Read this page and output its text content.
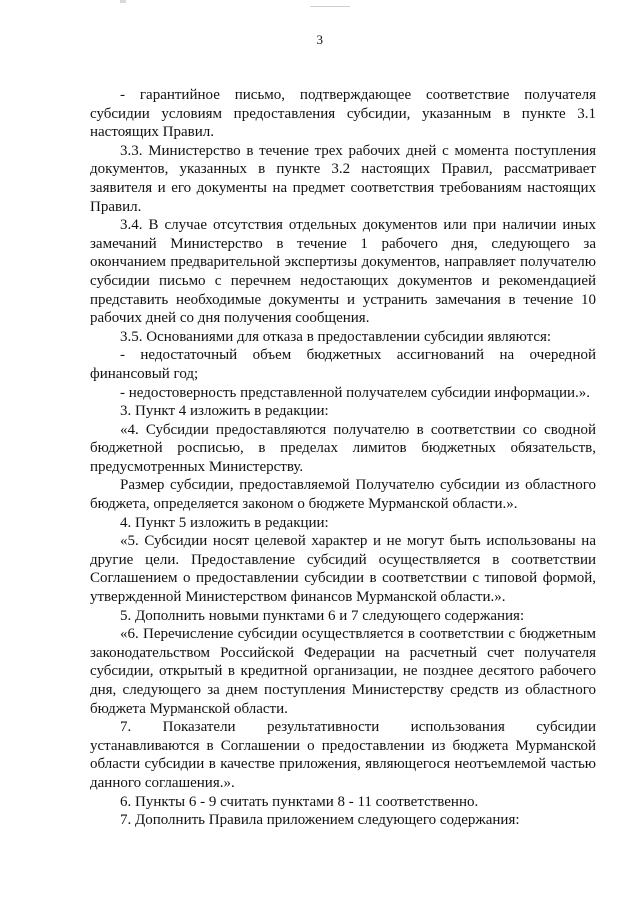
3

- гарантийное письмо, подтверждающее соответствие получателя субсидии условиям предоставления субсидии, указанным в пункте 3.1 настоящих Правил.

3.3. Министерство в течение трех рабочих дней с момента поступления документов, указанных в пункте 3.2 настоящих Правил, рассматривает заявителя и его документы на предмет соответствия требованиям настоящих Правил.

3.4. В случае отсутствия отдельных документов или при наличии иных замечаний Министерство в течение 1 рабочего дня, следующего за окончанием предварительной экспертизы документов, направляет получателю субсидии письмо с перечнем недостающих документов и рекомендацией представить необходимые документы и устранить замечания в течение 10 рабочих дней со дня получения сообщения.

3.5. Основаниями для отказа в предоставлении субсидии являются:

- недостаточный объем бюджетных ассигнований на очередной финансовый год;

- недостоверность представленной получателем субсидии информации.».

3. Пункт 4 изложить в редакции:

«4. Субсидии предоставляются получателю в соответствии со сводной бюджетной росписью, в пределах лимитов бюджетных обязательств, предусмотренных Министерству.

Размер субсидии, предоставляемой Получателю субсидии из областного бюджета, определяется законом о бюджете Мурманской области.».

4. Пункт 5 изложить в редакции:

«5. Субсидии носят целевой характер и не могут быть использованы на другие цели. Предоставление субсидий осуществляется в соответствии Соглашением о предоставлении субсидии в соответствии с типовой формой, утвержденной Министерством финансов Мурманской области.».

5. Дополнить новыми пунктами 6 и 7 следующего содержания:

«6. Перечисление субсидии осуществляется в соответствии с бюджетным законодательством Российской Федерации на расчетный счет получателя субсидии, открытый в кредитной организации, не позднее десятого рабочего дня, следующего за днем поступления Министерству средств из областного бюджета Мурманской области.

7. Показатели результативности использования субсидии устанавливаются в Соглашении о предоставлении из бюджета Мурманской области субсидии в качестве приложения, являющегося неотъемлемой частью данного соглашения.».

6. Пункты 6 - 9 считать пунктами 8 - 11 соответственно.

7. Дополнить Правила приложением следующего содержания:
